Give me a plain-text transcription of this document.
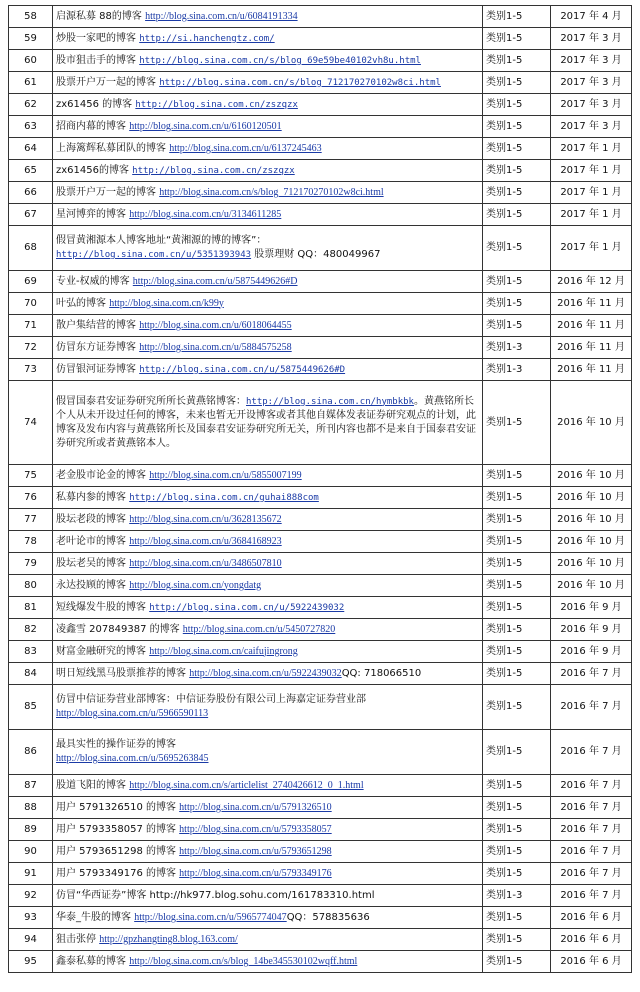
58	启源私募 88的博客 http://blog.sina.com.cn/u/6084191334	类别1-5	2017 年 4 月
59	炒股一家吧的博客 http://si.hanchengtz.com/	类别1-5	2017 年 3 月
60	股市狙击手的博客 http://blog.sina.com.cn/s/blog_69e59be40102vh8u.html	类别1-5	2017 年 3 月
61	股票开户万一起的博客 http://blog.sina.com.cn/s/blog_712170270102w8ci.html	类别1-5	2017 年 3 月
62	zx61456 的博客 http://blog.sina.com.cn/zszqzx	类别1-5	2017 年 3 月
63	招商内幕的博客 http://blog.sina.com.cn/u/6160120501	类别1-5	2017 年 3 月
64	上海篱辉私募团队的博客 http://blog.sina.com.cn/u/6137245463	类别1-5	2017 年 1 月
65	zx61456的博客 http://blog.sina.com.cn/zszqzx	类别1-5	2017 年 1 月
66	股票开户万一起的博客 http://blog.sina.com.cn/s/blog_712170270102w8ci.html	类别1-5	2017 年 1 月
67	星河博弈的博客 http://blog.sina.com.cn/u/3134611285	类别1-5	2017 年 1 月
68	假冒黄湘源本人博客地址“黄湘源的博的博客”：
http://blog.sina.com.cn/u/5351393943 股票理财 QQ：480049967	类别1-5	2017 年 1 月
69	专业-权威的博客 http://blog.sina.com.cn/u/5875449626#D	类别1-5	2016 年 12 月
70	叶弘的博客 http://blog.sina.com.cn/k99y	类别1-5	2016 年 11 月
71	散户集结营的博客 http://blog.sina.com.cn/u/6018064455	类别1-5	2016 年 11 月
72	仿冒东方证券博客 http://blog.sina.com.cn/u/5884575258	类别1-3	2016 年 11 月
73	仿冒银河证券博客 http://blog.sina.com.cn/u/5875449626#D	类别1-3	2016 年 11 月
74	假冒国泰君安证券研究所所长黄燕铭博客：http://blog.sina.com.cn/hymbkbk。黄燕铭所长个人从未开设过任何的博客，未来也暂无开设博客或者其他自媒体发表证券研究观点的计划，此博客及发布内容与黄燕铭所长及国泰君安证券研究所无关，所刊内容也都不是来自于国泰君安证券研究所或者黄燕铭本人。	类别1-5	2016 年 10 月
75	老金股市论金的博客 http://blog.sina.com.cn/u/5855007199	类别1-5	2016 年 10 月
76	私募内参的博客 http://blog.sina.com.cn/guhai888com	类别1-5	2016 年 10 月
77	股坛老段的博客 http://blog.sina.com.cn/u/3628135672	类别1-5	2016 年 10 月
78	老叶论市的博客 http://blog.sina.com.cn/u/3684168923	类别1-5	2016 年 10 月
79	股坛老吴的博客 http://blog.sina.com.cn/u/3486507810	类别1-5	2016 年 10 月
80	永达投顾的博客 http://blog.sina.com.cn/yongdatg	类别1-5	2016 年 10 月
81	短线爆发牛股的博客 http://blog.sina.com.cn/u/5922439032	类别1-5	2016 年 9 月
82	凌鑫雪 207849387 的博客 http://blog.sina.com.cn/u/5450727820	类别1-5	2016 年 9 月
83	财富金融研究的博客 http://blog.sina.com.cn/caifujingrong	类别1-5	2016 年 9 月
84	明日短线黑马股票推荐的博客 http://blog.sina.com.cn/u/5922439032QQ: 718066510	类别1-5	2016 年 7 月
85	仿冒中信证券营业部博客：中信证券股份有限公司上海嘉定证券营业部
http://blog.sina.com.cn/u/5966590113	类别1-5	2016 年 7 月
86	最具实性的操作证券的博客
http://blog.sina.com.cn/u/5695263845	类别1-5	2016 年 7 月
87	股道飞阳的博客 http://blog.sina.com.cn/s/articlelist_2740426612_0_1.html	类别1-5	2016 年 7 月
88	用户 5791326510 的博客 http://blog.sina.com.cn/u/5791326510	类别1-5	2016 年 7 月
89	用户 5793358057 的博客 http://blog.sina.com.cn/u/5793358057	类别1-5	2016 年 7 月
90	用户 5793651298 的博客 http://blog.sina.com.cn/u/5793651298	类别1-5	2016 年 7 月
91	用户 5793349176 的博客 http://blog.sina.com.cn/u/5793349176	类别1-5	2016 年 7 月
92	仿冒“华西证券”博客 http://hk977.blog.sohu.com/161783310.html	类别1-3	2016 年 7 月
93	华泰_牛股的博客 http://blog.sina.com.cn/u/5965774047QQ：578835636	类别1-5	2016 年 6 月
94	狙击张停 http://gpzhangting8.blog.163.com/	类别1-5	2016 年 6 月
95	鑫泰私募的博客 http://blog.sina.com.cn/s/blog_14be345530102wqff.html	类别1-5	2016 年 6 月
